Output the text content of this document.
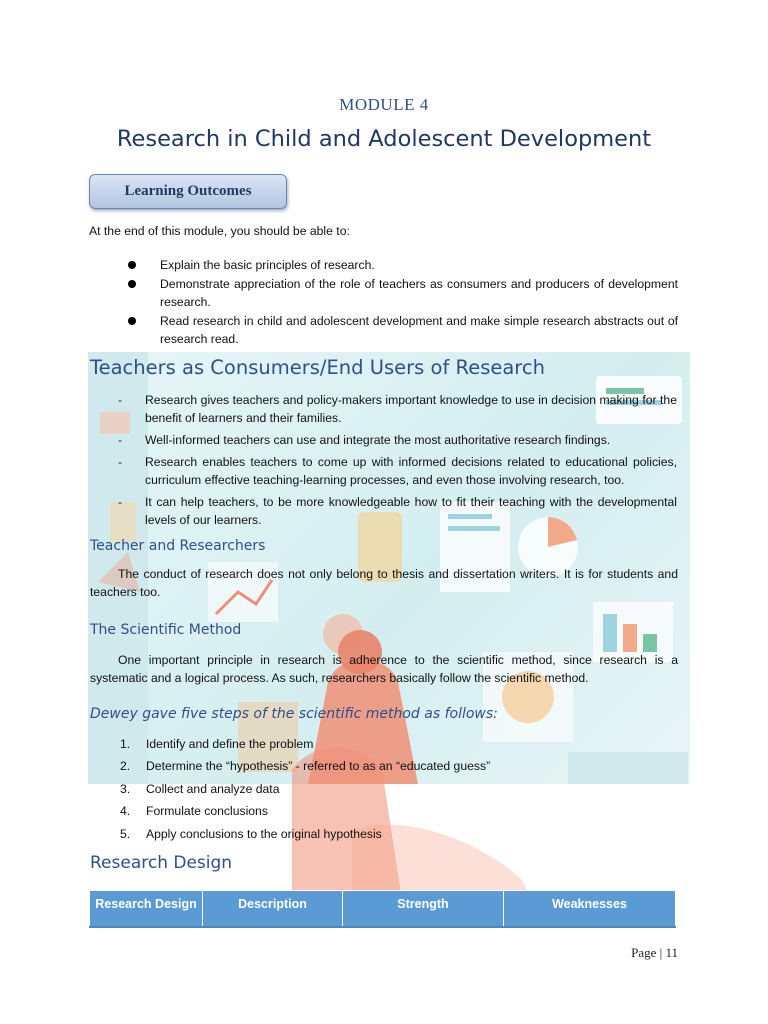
MODULE 4
Research in Child and Adolescent Development
Learning Outcomes
At the end of this module, you should be able to:
Explain the basic principles of research.
Demonstrate appreciation of the role of teachers as consumers and producers of development research.
Read research in child and adolescent development and make simple research abstracts out of research read.
Teachers as Consumers/End Users of Research
- Research gives teachers and policy-makers important knowledge to use in decision making for the benefit of learners and their families.
- Well-informed teachers can use and integrate the most authoritative research findings.
- Research enables teachers to come up with informed decisions related to educational policies, curriculum effective teaching-learning processes, and even those involving research, too.
- It can help teachers, to be more knowledgeable how to fit their teaching with the developmental levels of our learners.
Teacher and Researchers
The conduct of research does not only belong to thesis and dissertation writers. It is for students and teachers too.
The Scientific Method
One important principle in research is adherence to the scientific method, since research is a systematic and a logical process. As such, researchers basically follow the scientific method.
Dewey gave five steps of the scientific method as follows:
1. Identify and define the problem
2. Determine the “hypothesis” - referred to as an “educated guess”
3. Collect and analyze data
4. Formulate conclusions
5. Apply conclusions to the original hypothesis
Research Design
Research Design	Description	Strength	Weaknesses
Page | 11
